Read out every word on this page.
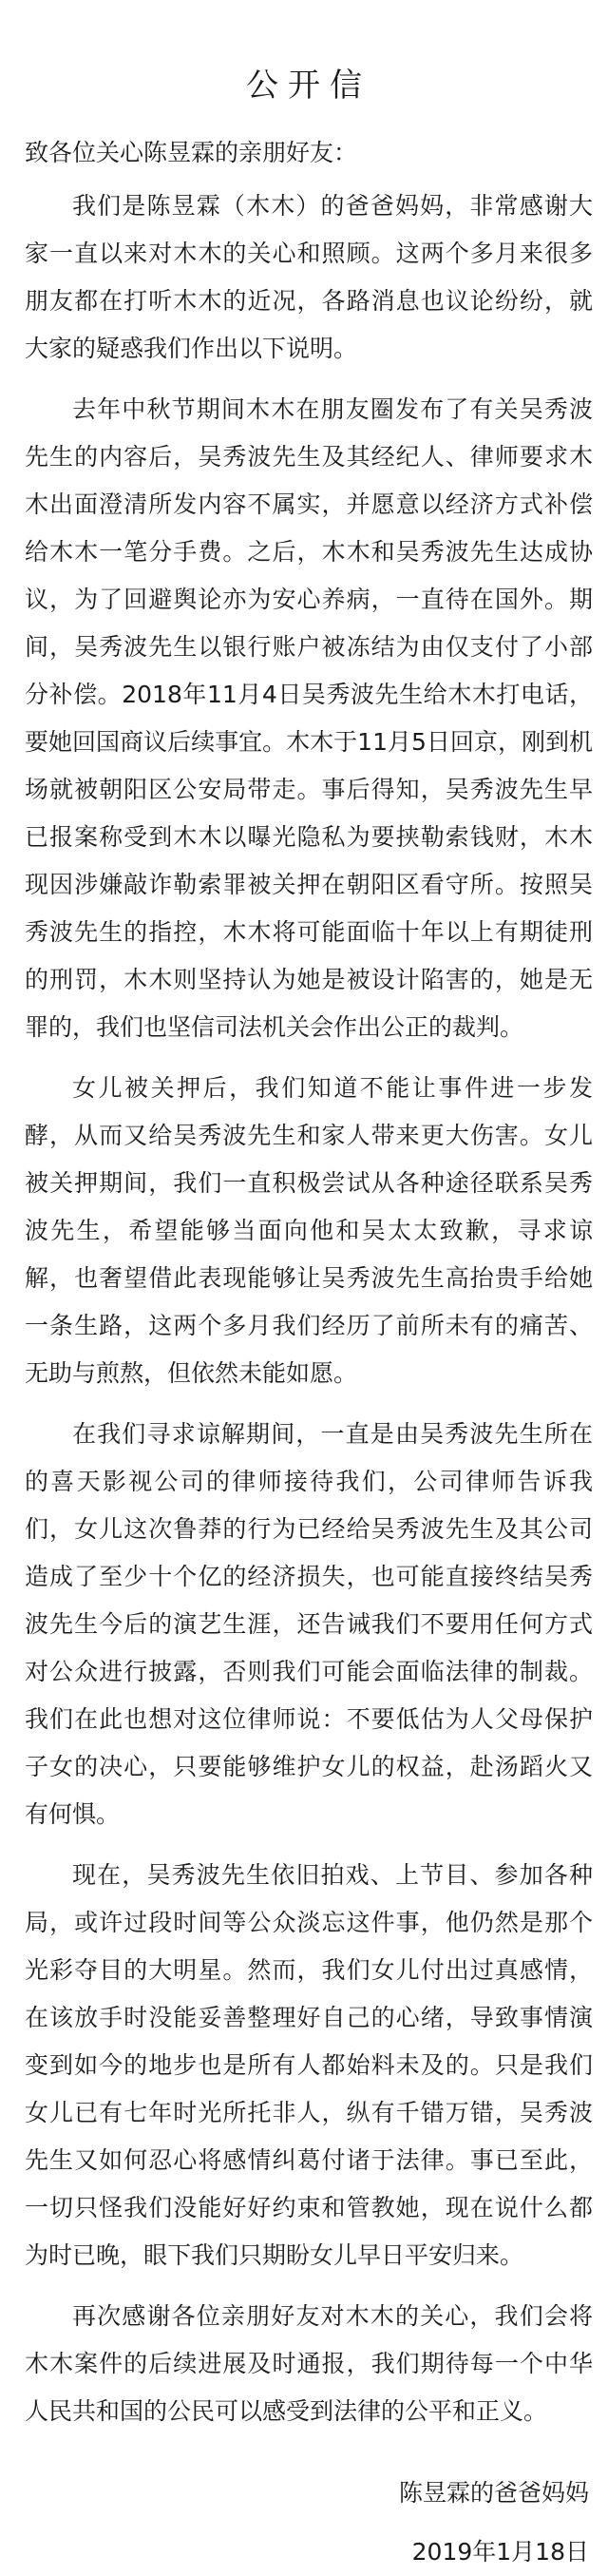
公开信
致各位关心陈昱霖的亲朋好友：

我们是陈昱霖（木木）的爸爸妈妈，非常感谢大家一直以来对木木的关心和照顾。这两个多月来很多朋友都在打听木木的近况，各路消息也议论纷纷，就大家的疑惑我们作出以下说明。

去年中秋节期间木木在朋友圈发布了有关吴秀波先生的内容后，吴秀波先生及其经纪人、律师要求木木出面澄清所发内容不属实，并愿意以经济方式补偿给木木一笔分手费。之后，木木和吴秀波先生达成协议，为了回避舆论亦为安心养病，一直待在国外。期间，吴秀波先生以银行账户被冻结为由仅支付了小部分补偿。2018年11月4日吴秀波先生给木木打电话，要她回国商议后续事宜。木木于11月5日回京，刚到机场就被朝阳区公安局带走。事后得知，吴秀波先生早已报案称受到木木以曝光隐私为要挟勒索钱财，木木现因涉嫌敲诈勒索罪被关押在朝阳区看守所。按照吴秀波先生的指控，木木将可能面临十年以上有期徒刑的刑罚，木木则坚持认为她是被设计陷害的，她是无罪的，我们也坚信司法机关会作出公正的裁判。

女儿被关押后，我们知道不能让事件进一步发酵，从而又给吴秀波先生和家人带来更大伤害。女儿被关押期间，我们一直积极尝试从各种途径联系吴秀波先生，希望能够当面向他和吴太太致歉，寻求谅解，也奢望借此表现能够让吴秀波先生高抬贵手给她一条生路，这两个多月我们经历了前所未有的痛苦、无助与煎熬，但依然未能如愿。

在我们寻求谅解期间，一直是由吴秀波先生所在的喜天影视公司的律师接待我们，公司律师告诉我们，女儿这次鲁莽的行为已经给吴秀波先生及其公司造成了至少十个亿的经济损失，也可能直接终结吴秀波先生今后的演艺生涯，还告诫我们不要用任何方式对公众进行披露，否则我们可能会面临法律的制裁。我们在此也想对这位律师说：不要低估为人父母保护子女的决心，只要能够维护女儿的权益，赴汤蹈火又有何惧。

现在，吴秀波先生依旧拍戏、上节目、参加各种局，或许过段时间等公众淡忘这件事，他仍然是那个光彩夺目的大明星。然而，我们女儿付出过真感情，在该放手时没能妥善整理好自己的心绪，导致事情演变到如今的地步也是所有人都始料未及的。只是我们女儿已有七年时光所托非人，纵有千错万错，吴秀波先生又如何忍心将感情纠葛付诸于法律。事已至此，一切只怪我们没能好好约束和管教她，现在说什么都为时已晚，眼下我们只期盼女儿早日平安归来。

再次感谢各位亲朋好友对木木的关心，我们会将木木案件的后续进展及时通报，我们期待每一个中华人民共和国的公民可以感受到法律的公平和正义。

陈昱霖的爸爸妈妈
2019年1月18日
